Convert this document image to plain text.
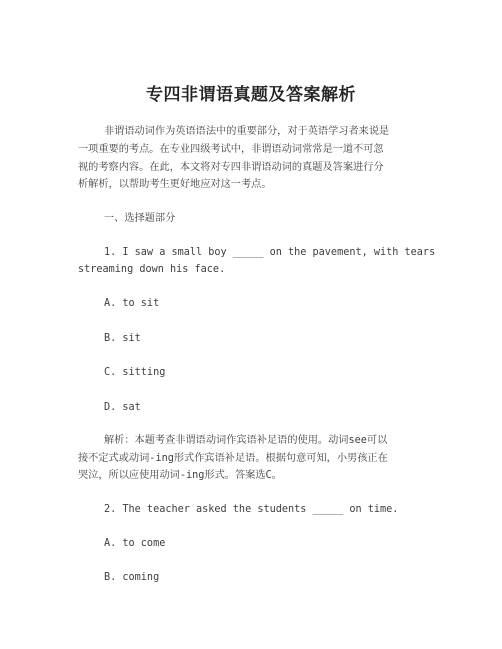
专四非谓语真题及答案解析

非谓语动词作为英语语法中的重要部分，对于英语学习者来说是

一项重要的考点。在专业四级考试中，非谓语动词常常是一道不可忽

视的考察内容。在此，本文将对专四非谓语动词的真题及答案进行分

析解析，以帮助考生更好地应对这一考点。

一、选择题部分

1. I saw a small boy _____ on the pavement, with tears

streaming down his face.

A. to sit

B. sit

C. sitting

D. sat

解析：本题考查非谓语动词作宾语补足语的使用。动词see可以

接不定式或动词-ing形式作宾语补足语。根据句意可知，小男孩正在

哭泣，所以应使用动词-ing形式。答案选C。

2. The teacher asked the students _____ on time.

A. to come

B. coming
